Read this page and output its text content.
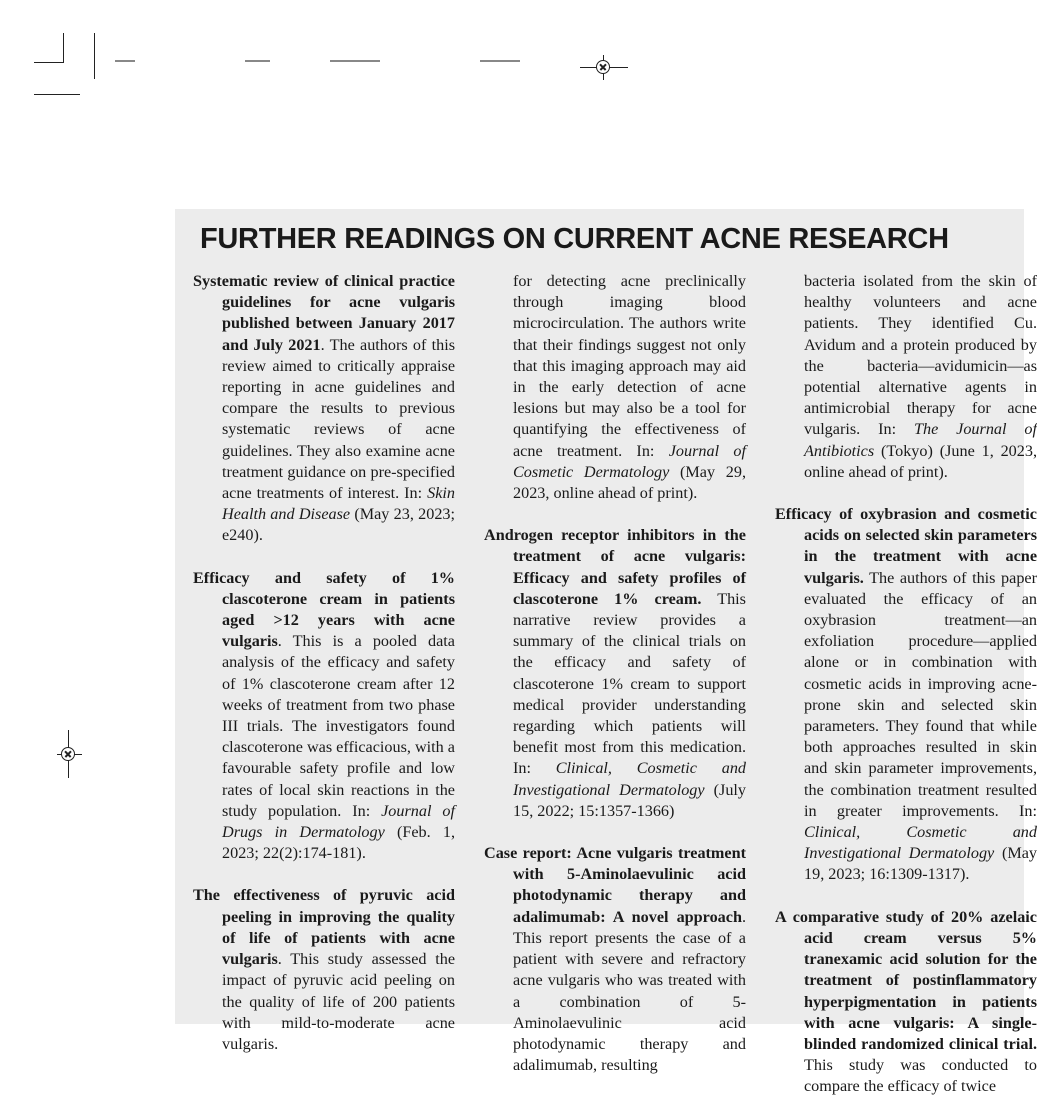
FURTHER READINGS ON CURRENT ACNE RESEARCH

Systematic review of clinical practice guidelines for acne vulgaris published between January 2017 and July 2021. The authors of this review aimed to critically appraise reporting in acne guidelines and compare the results to previous systematic reviews of acne guidelines. They also examine acne treatment guidance on pre-specified acne treatments of interest. In: Skin Health and Disease (May 23, 2023; e240).

Efficacy and safety of 1% clascoterone cream in patients aged >12 years with acne vulgaris. This is a pooled data analysis of the efficacy and safety of 1% clascoterone cream after 12 weeks of treatment from two phase III trials. The investigators found clascoterone was efficacious, with a favourable safety profile and low rates of local skin reactions in the study population. In: Journal of Drugs in Dermatology (Feb. 1, 2023; 22(2):174-181).

The effectiveness of pyruvic acid peeling in improving the quality of life of patients with acne vulgaris. This study assessed the impact of pyruvic acid peeling on the quality of life of 200 patients with mild-to-moderate acne vulgaris.

for detecting acne preclinically through imaging blood microcirculation. The authors write that their findings suggest not only that this imaging approach may aid in the early detection of acne lesions but may also be a tool for quantifying the effectiveness of acne treatment. In: Journal of Cosmetic Dermatology (May 29, 2023, online ahead of print).

Androgen receptor inhibitors in the treatment of acne vulgaris: Efficacy and safety profiles of clascoterone 1% cream. This narrative review provides a summary of the clinical trials on the efficacy and safety of clascoterone 1% cream to support medical provider understanding regarding which patients will benefit most from this medication. In: Clinical, Cosmetic and Investigational Dermatology (July 15, 2022; 15:1357-1366)

Case report: Acne vulgaris treatment with 5-Aminolaevulinic acid photodynamic therapy and adalimumab: A novel approach. This report presents the case of a patient with severe and refractory acne vulgaris who was treated with a combination of 5-Aminolaevulinic acid photodynamic therapy and adalimumab, resulting

bacteria isolated from the skin of healthy volunteers and acne patients. They identified Cu. Avidum and a protein produced by the bacteria—avidumicin—as potential alternative agents in antimicrobial therapy for acne vulgaris. In: The Journal of Antibiotics (Tokyo) (June 1, 2023, online ahead of print).

Efficacy of oxybrasion and cosmetic acids on selected skin parameters in the treatment with acne vulgaris. The authors of this paper evaluated the efficacy of an oxybrasion treatment—an exfoliation procedure—applied alone or in combination with cosmetic acids in improving acne-prone skin and selected skin parameters. They found that while both approaches resulted in skin and skin parameter improvements, the combination treatment resulted in greater improvements. In: Clinical, Cosmetic and Investigational Dermatology (May 19, 2023; 16:1309-1317).

A comparative study of 20% azelaic acid cream versus 5% tranexamic acid solution for the treatment of postinflammatory hyperpigmentation in patients with acne vulgaris: A single-blinded randomized clinical trial. This study was conducted to compare the efficacy of twice
